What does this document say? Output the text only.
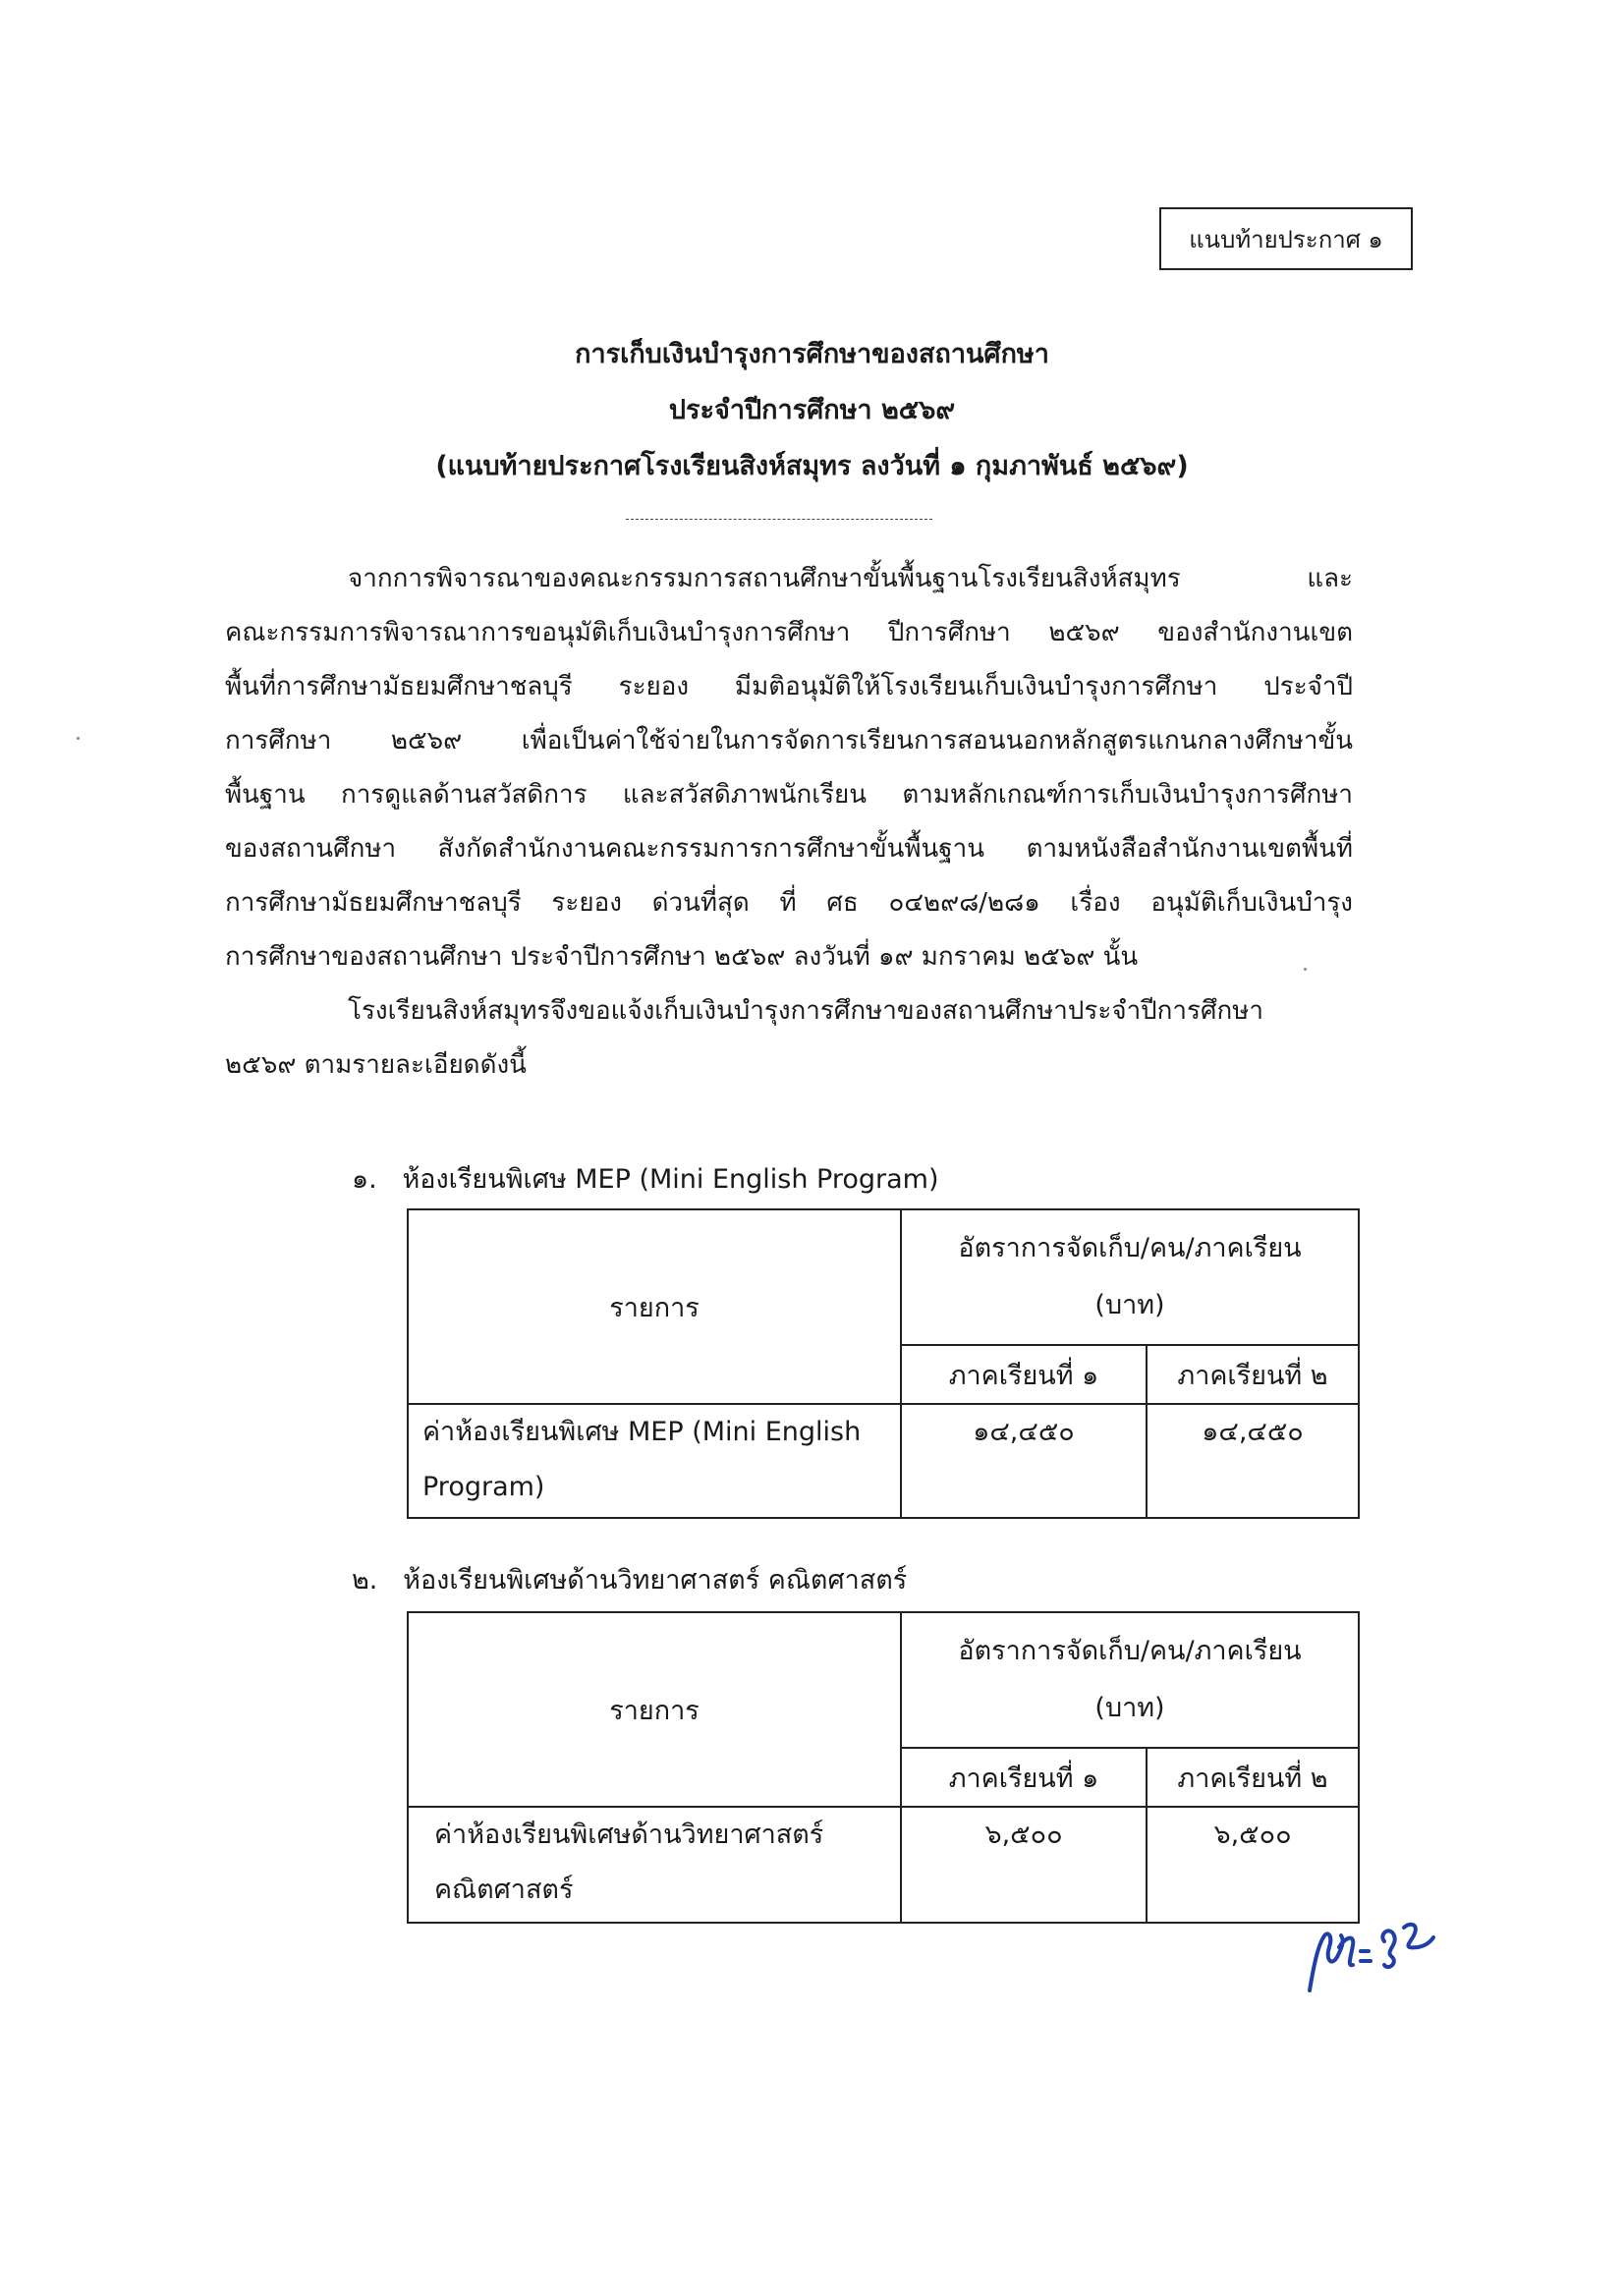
แนบท้ายประกาศ ๑
การเก็บเงินบำรุงการศึกษาของสถานศึกษา
ประจำปีการศึกษา ๒๕๖๙
(แนบท้ายประกาศโรงเรียนสิงห์สมุทร ลงวันที่ ๑ กุมภาพันธ์ ๒๕๖๙)
จากการพิจารณาของคณะกรรมการสถานศึกษาขั้นพื้นฐานโรงเรียนสิงห์สมุทร และ
คณะกรรมการพิจารณาการขอนุมัติเก็บเงินบำรุงการศึกษา ปีการศึกษา ๒๕๖๙ ของสำนักงานเขต
พื้นที่การศึกษามัธยมศึกษาชลบุรี ระยอง มีมติอนุมัติให้โรงเรียนเก็บเงินบำรุงการศึกษา ประจำปี
การศึกษา ๒๕๖๙ เพื่อเป็นค่าใช้จ่ายในการจัดการเรียนการสอนนอกหลักสูตรแกนกลางศึกษาขั้น
พื้นฐาน การดูแลด้านสวัสดิการ และสวัสดิภาพนักเรียน ตามหลักเกณฑ์การเก็บเงินบำรุงการศึกษา
ของสถานศึกษา สังกัดสำนักงานคณะกรรมการการศึกษาขั้นพื้นฐาน ตามหนังสือสำนักงานเขตพื้นที่
การศึกษามัธยมศึกษาชลบุรี ระยอง ด่วนที่สุด ที่ ศธ ๐๔๒๙๘/๒๘๑ เรื่อง อนุมัติเก็บเงินบำรุง
การศึกษาของสถานศึกษา ประจำปีการศึกษา ๒๕๖๙ ลงวันที่ ๑๙ มกราคม ๒๕๖๙ นั้น
โรงเรียนสิงห์สมุทรจึงขอแจ้งเก็บเงินบำรุงการศึกษาของสถานศึกษาประจำปีการศึกษา
๒๕๖๙ ตามรายละเอียดดังนี้
๑. ห้องเรียนพิเศษ MEP (Mini English Program)
รายการ	อัตราการจัดเก็บ/คน/ภาคเรียน
(บาท)	
	ภาคเรียนที่ ๑	ภาคเรียนที่ ๒
ค่าห้องเรียนพิเศษ MEP (Mini English
Program)	๑๔,๔๕๐	๑๔,๔๕๐
๒. ห้องเรียนพิเศษด้านวิทยาศาสตร์ คณิตศาสตร์
รายการ	อัตราการจัดเก็บ/คน/ภาคเรียน
(บาท)	
	ภาคเรียนที่ ๑	ภาคเรียนที่ ๒
ค่าห้องเรียนพิเศษด้านวิทยาศาสตร์
คณิตศาสตร์	๖,๕๐๐	๖,๕๐๐
